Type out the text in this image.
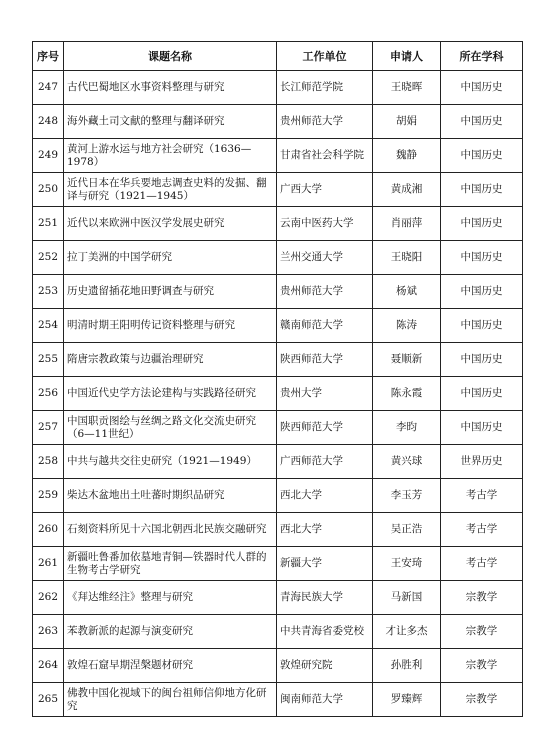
序号	课题名称	工作单位	申请人	所在学科
247	古代巴蜀地区水事资料整理与研究	长江师范学院	王晓晖	中国历史
248	海外藏土司文献的整理与翻译研究	贵州师范大学	胡娟	中国历史
249	黄河上游水运与地方社会研究（1636—1978）	甘肃省社会科学院	魏静	中国历史
250	近代日本在华兵要地志调查史料的发掘、翻译与研究（1921—1945）	广西大学	黄成湘	中国历史
251	近代以来欧洲中医汉学发展史研究	云南中医药大学	肖丽萍	中国历史
252	拉丁美洲的中国学研究	兰州交通大学	王晓阳	中国历史
253	历史遗留插花地田野调查与研究	贵州师范大学	杨斌	中国历史
254	明清时期王阳明传记资料整理与研究	赣南师范大学	陈涛	中国历史
255	隋唐宗教政策与边疆治理研究	陕西师范大学	聂顺新	中国历史
256	中国近代史学方法论建构与实践路径研究	贵州大学	陈永霞	中国历史
257	中国职贡图绘与丝绸之路文化交流史研究（6—11世纪）	陕西师范大学	李昀	中国历史
258	中共与越共交往史研究（1921—1949）	广西师范大学	黄兴球	世界历史
259	柴达木盆地出土吐蕃时期织品研究	西北大学	李玉芳	考古学
260	石刻资料所见十六国北朝西北民族交融研究	西北大学	吴正浩	考古学
261	新疆吐鲁番加依墓地青铜—铁器时代人群的生物考古学研究	新疆大学	王安琦	考古学
262	《拜达维经注》整理与研究	青海民族大学	马新国	宗教学
263	苯教新派的起源与演变研究	中共青海省委党校	才让多杰	宗教学
264	敦煌石窟早期涅槃题材研究	敦煌研究院	孙胜利	宗教学
265	佛教中国化视域下的闽台祖师信仰地方化研究	闽南师范大学	罗臻辉	宗教学
